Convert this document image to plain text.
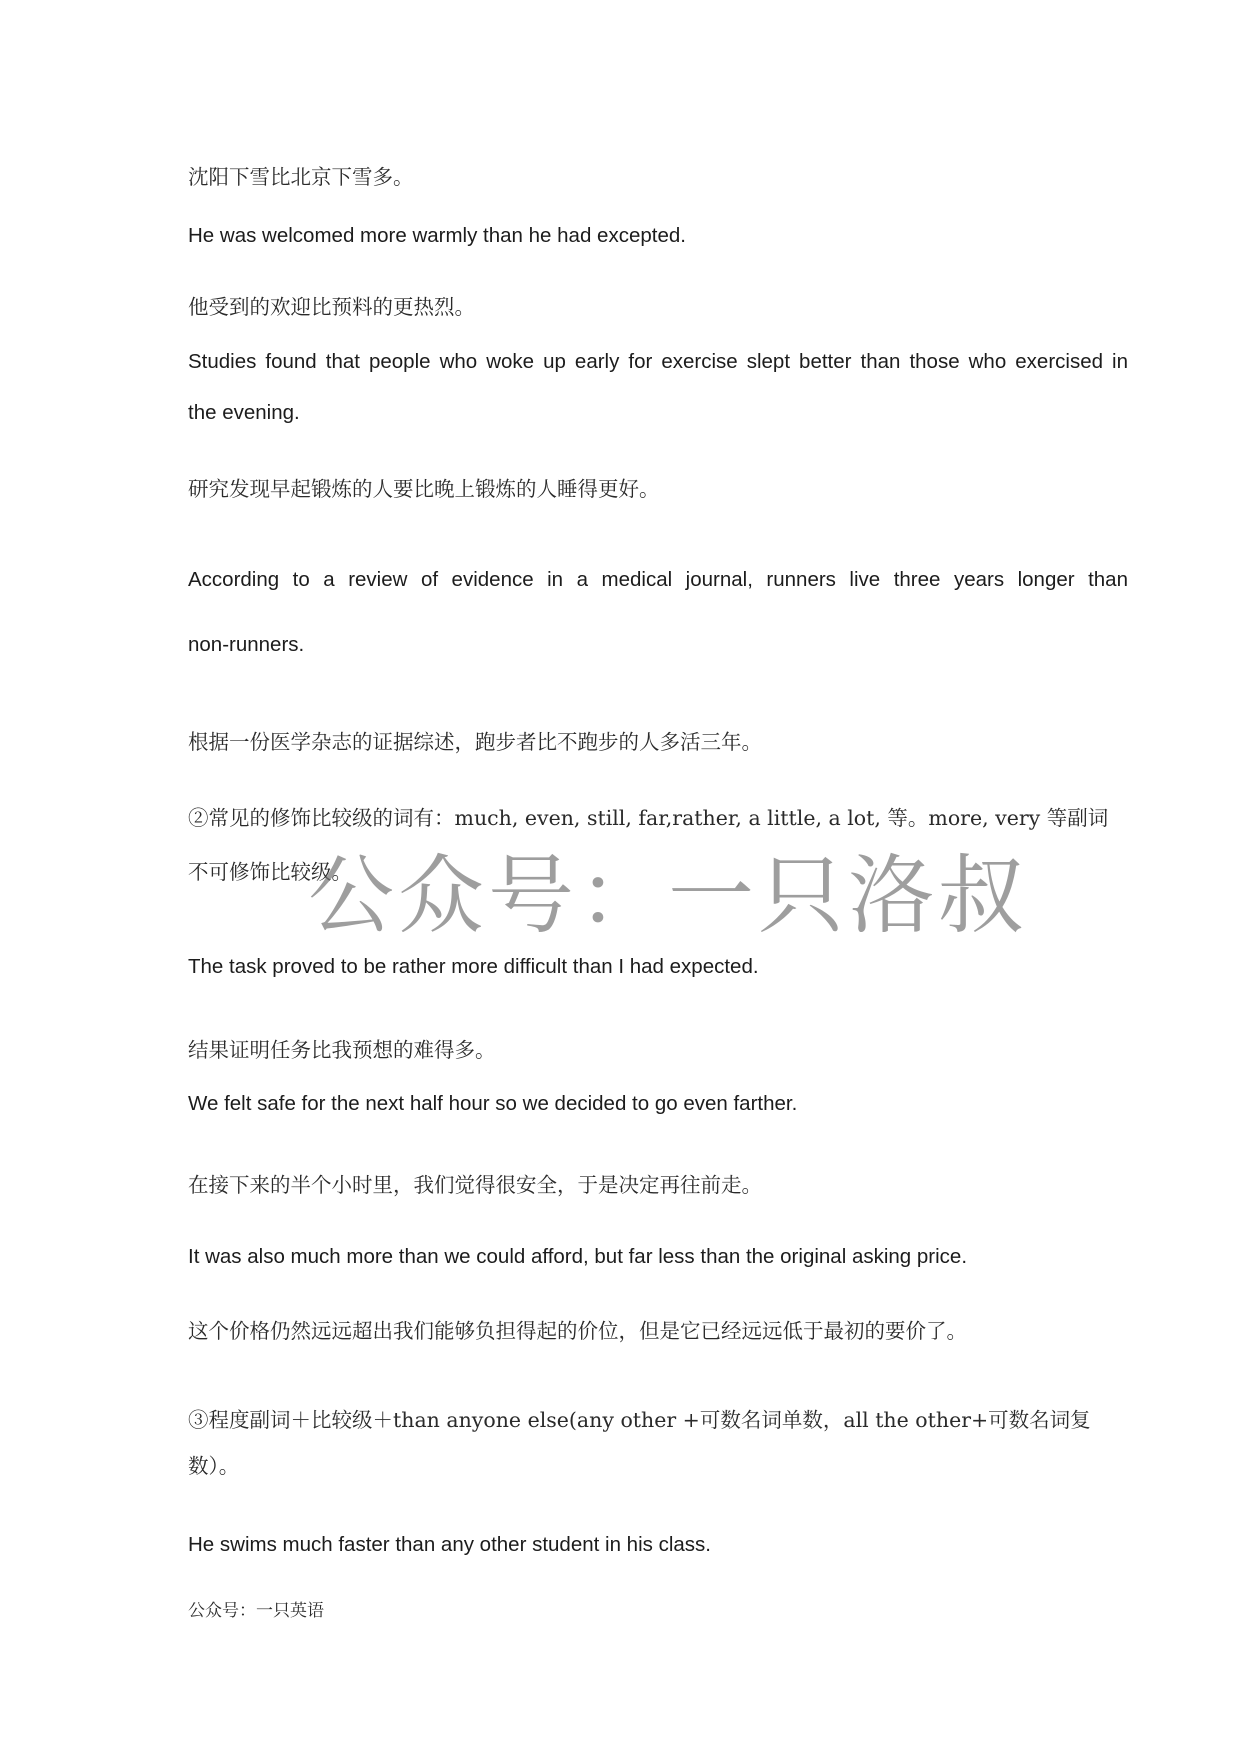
沈阳下雪比北京下雪多。

He was welcomed more warmly than he had excepted.

他受到的欢迎比预料的更热烈。

Studies found that people who woke up early for exercise slept better than those who exercised in

the evening.

研究发现早起锻炼的人要比晚上锻炼的人睡得更好。

According to a review of evidence in a medical journal, runners live three years longer than

non-runners.

根据一份医学杂志的证据综述，跑步者比不跑步的人多活三年。

②常见的修饰比较级的词有：much, even, still, far,rather, a little, a lot, 等。more, very 等副词

不可修饰比较级。

The task proved to be rather more difficult than I had expected.

结果证明任务比我预想的难得多。

We felt safe for the next half hour so we decided to go even farther.

在接下来的半个小时里，我们觉得很安全，于是决定再往前走。

It was also much more than we could afford, but far less than the original asking price.

这个价格仍然远远超出我们能够负担得起的价位，但是它已经远远低于最初的要价了。

③程度副词＋比较级＋than anyone else(any other +可数名词单数，all the other+可数名词复

数）。

He swims much faster than any other student in his class.

公众号：一只英语

公众号：一只洛叔
